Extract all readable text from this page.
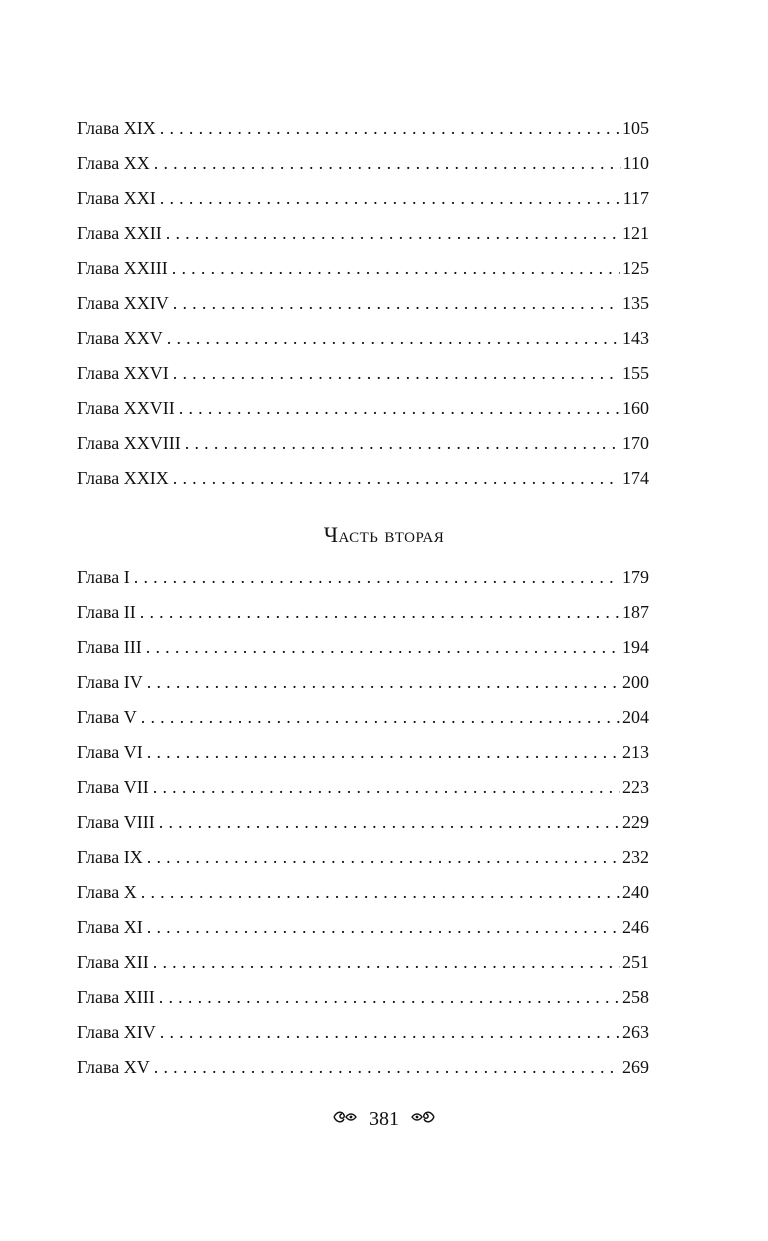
Глава XIX . . .	105
Глава XX . . .	110
Глава XXI . . .	117
Глава XXII . . .	121
Глава XXIII . . .	125
Глава XXIV . . .	135
Глава XXV . . .	143
Глава XXVI . . .	155
Глава XXVII . . .	160
Глава XXVIII . . .	170
Глава XXIX . . .	174
Часть вторая
Глава I . . .	179
Глава II . . .	187
Глава III . . .	194
Глава IV . . .	200
Глава V . . .	204
Глава VI . . .	213
Глава VII . . .	223
Глава VIII . . .	229
Глава IX . . .	232
Глава X . . .	240
Глава XI . . .	246
Глава XII . . .	251
Глава XIII . . .	258
Глава XIV . . .	263
Глава XV . . .	269
381
